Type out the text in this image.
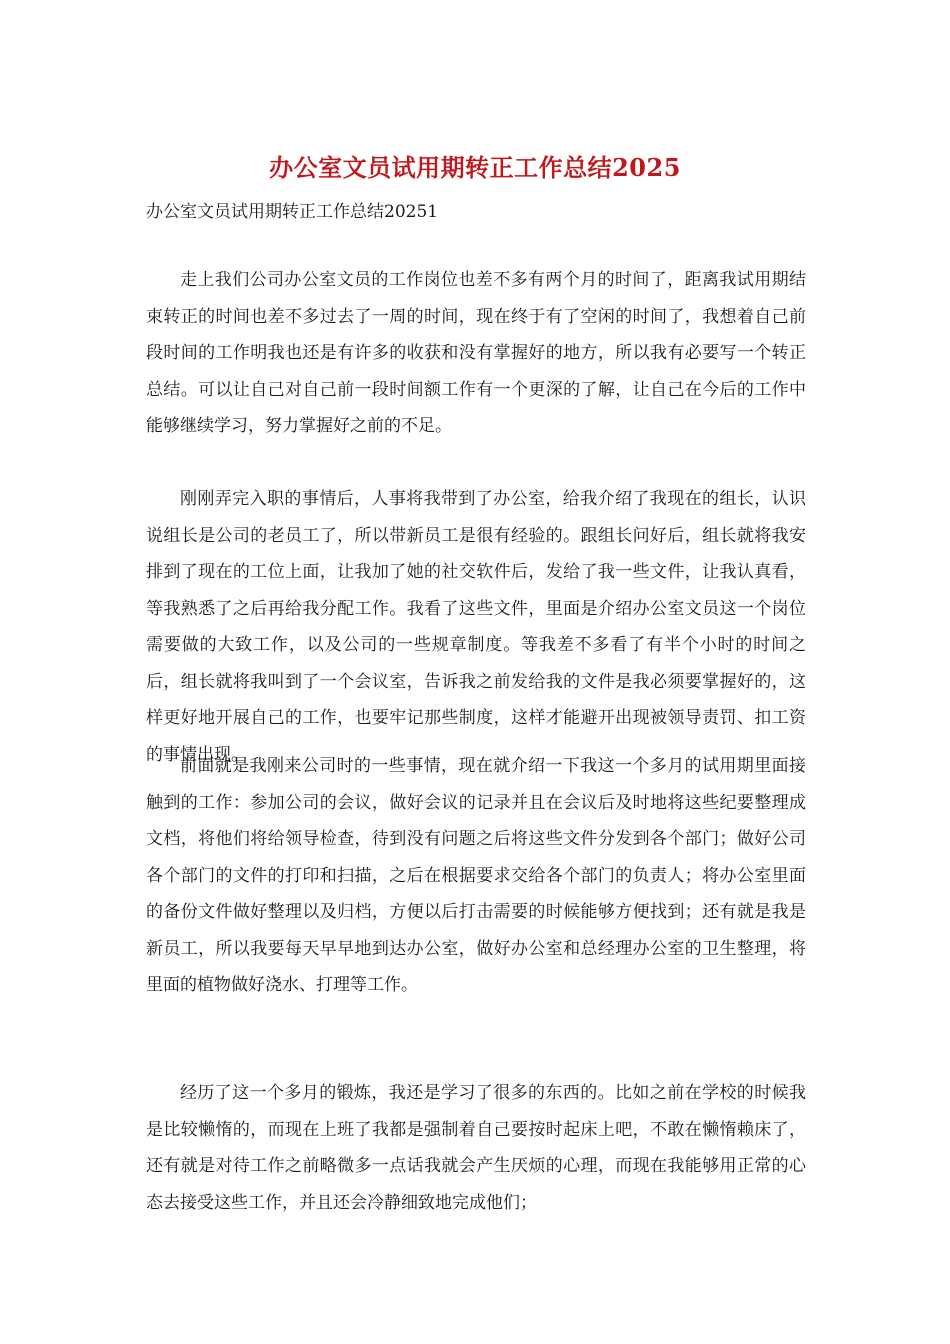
办公室文员试用期转正工作总结2025
办公室文员试用期转正工作总结20251

走上我们公司办公室文员的工作岗位也差不多有两个月的时间了，距离我试用期结束转正的时间也差不多过去了一周的时间，现在终于有了空闲的时间了，我想着自己前段时间的工作明我也还是有许多的收获和没有掌握好的地方，所以我有必要写一个转正总结。可以让自己对自己前一段时间额工作有一个更深的了解，让自己在今后的工作中能够继续学习，努力掌握好之前的不足。

刚刚弄完入职的事情后，人事将我带到了办公室，给我介绍了我现在的组长，认识说组长是公司的老员工了，所以带新员工是很有经验的。跟组长问好后，组长就将我安排到了现在的工位上面，让我加了她的社交软件后，发给了我一些文件，让我认真看，等我熟悉了之后再给我分配工作。我看了这些文件，里面是介绍办公室文员这一个岗位需要做的大致工作，以及公司的一些规章制度。等我差不多看了有半个小时的时间之后，组长就将我叫到了一个会议室，告诉我之前发给我的文件是我必须要掌握好的，这样更好地开展自己的工作，也要牢记那些制度，这样才能避开出现被领导责罚、扣工资的事情出现。

前面就是我刚来公司时的一些事情，现在就介绍一下我这一个多月的试用期里面接触到的工作：参加公司的会议，做好会议的记录并且在会议后及时地将这些纪要整理成文档，将他们将给领导检查，待到没有问题之后将这些文件分发到各个部门；做好公司各个部门的文件的打印和扫描，之后在根据要求交给各个部门的负责人；将办公室里面的备份文件做好整理以及归档，方便以后打击需要的时候能够方便找到；还有就是我是新员工，所以我要每天早早地到达办公室，做好办公室和总经理办公室的卫生整理，将里面的植物做好浇水、打理等工作。

经历了这一个多月的锻炼，我还是学习了很多的东西的。比如之前在学校的时候我是比较懒惰的，而现在上班了我都是强制着自己要按时起床上吧，不敢在懒惰赖床了，还有就是对待工作之前略微多一点话我就会产生厌烦的心理，而现在我能够用正常的心态去接受这些工作，并且还会冷静细致地完成他们；
